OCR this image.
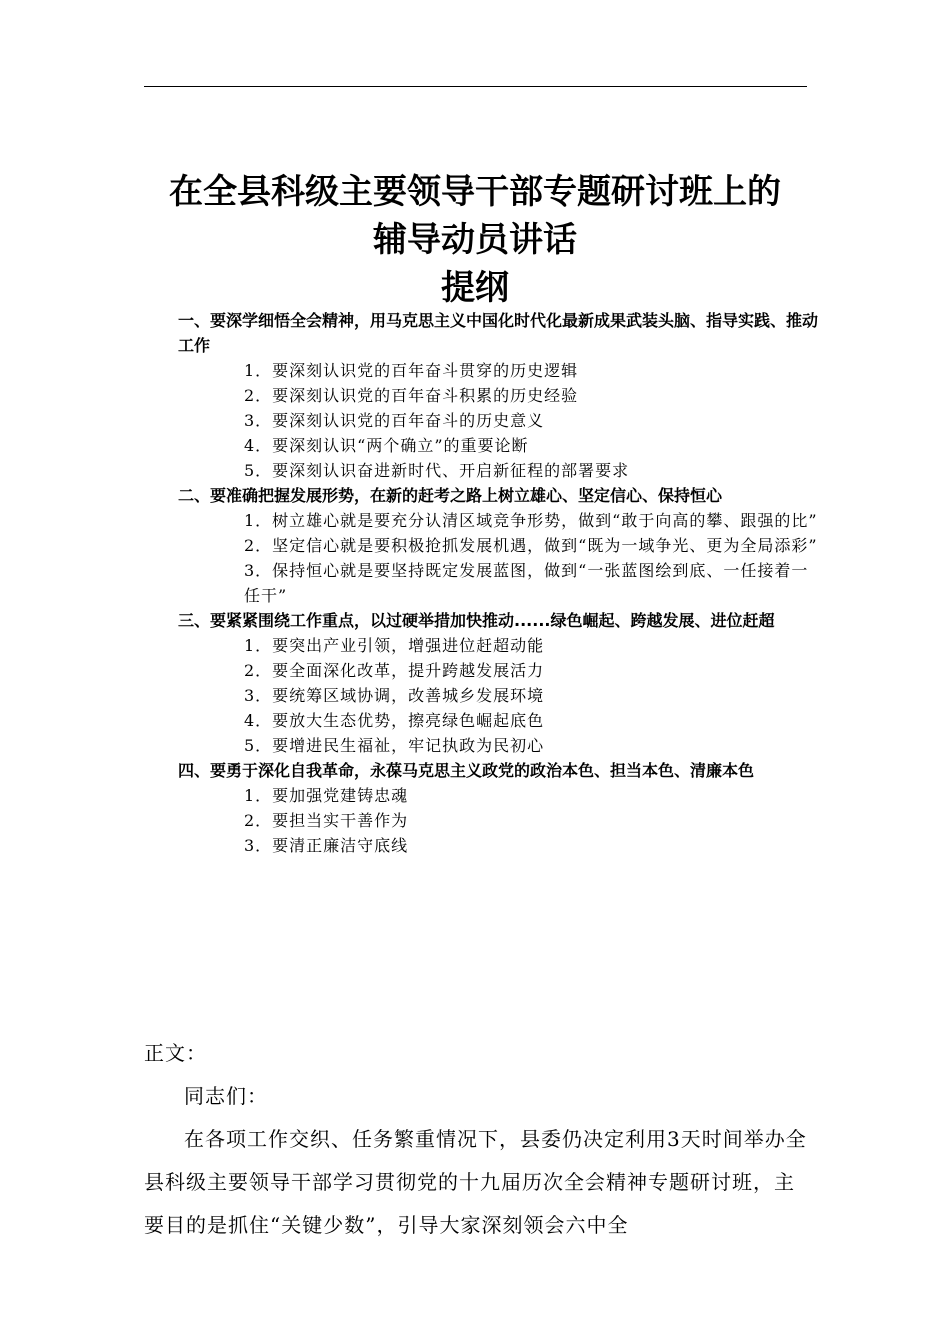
在全县科级主要领导干部专题研讨班上的
辅导动员讲话
提纲

一、要深学细悟全会精神，用马克思主义中国化时代化最新成果武装头脑、指导实践、推动工作

1．要深刻认识党的百年奋斗贯穿的历史逻辑

2．要深刻认识党的百年奋斗积累的历史经验

3．要深刻认识党的百年奋斗的历史意义

4．要深刻认识“两个确立”的重要论断

5．要深刻认识奋进新时代、开启新征程的部署要求

二、要准确把握发展形势，在新的赶考之路上树立雄心、坚定信心、保持恒心

1．树立雄心就是要充分认清区域竞争形势，做到“敢于向高的攀、跟强的比”

2．坚定信心就是要积极抢抓发展机遇，做到“既为一域争光、更为全局添彩”

3．保持恒心就是要坚持既定发展蓝图，做到“一张蓝图绘到底、一任接着一任干”

三、要紧紧围绕工作重点，以过硬举措加快推动......绿色崛起、跨越发展、进位赶超

1．要突出产业引领，增强进位赶超动能

2．要全面深化改革，提升跨越发展活力

3．要统筹区域协调，改善城乡发展环境

4．要放大生态优势，擦亮绿色崛起底色

5．要增进民生福祉，牢记执政为民初心

四、要勇于深化自我革命，永葆马克思主义政党的政治本色、担当本色、清廉本色

1．要加强党建铸忠魂

2．要担当实干善作为

3．要清正廉洁守底线

正文：

同志们：

在各项工作交织、任务繁重情况下，县委仍决定利用3天时间举办全县科级主要领导干部学习贯彻党的十九届历次全会精神专题研讨班，主要目的是抓住“关键少数”，引导大家深刻领会六中全
